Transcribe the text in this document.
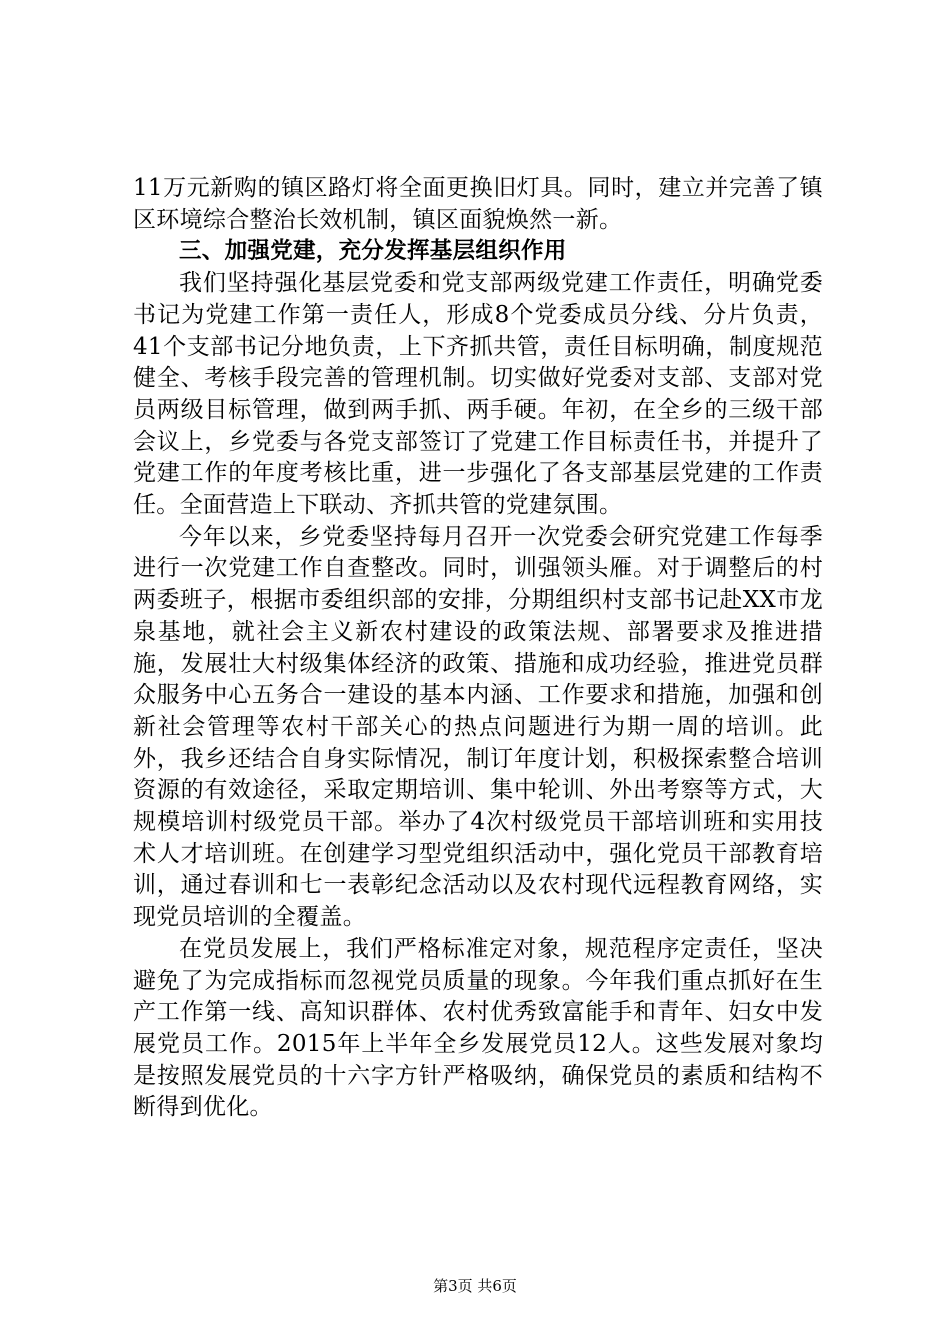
11万元新购的镇区路灯将全面更换旧灯具。同时，建立并完善了镇区环境综合整治长效机制，镇区面貌焕然一新。

三、加强党建，充分发挥基层组织作用

我们坚持强化基层党委和党支部两级党建工作责任，明确党委书记为党建工作第一责任人，形成8个党委成员分线、分片负责，41个支部书记分地负责，上下齐抓共管，责任目标明确，制度规范健全、考核手段完善的管理机制。切实做好党委对支部、支部对党员两级目标管理，做到两手抓、两手硬。年初，在全乡的三级干部会议上，乡党委与各党支部签订了党建工作目标责任书，并提升了党建工作的年度考核比重，进一步强化了各支部基层党建的工作责任。全面营造上下联动、齐抓共管的党建氛围。

今年以来，乡党委坚持每月召开一次党委会研究党建工作每季进行一次党建工作自查整改。同时，训强领头雁。对于调整后的村两委班子，根据市委组织部的安排，分期组织村支部书记赴XX市龙泉基地，就社会主义新农村建设的政策法规、部署要求及推进措施，发展壮大村级集体经济的政策、措施和成功经验，推进党员群众服务中心五务合一建设的基本内涵、工作要求和措施，加强和创新社会管理等农村干部关心的热点问题进行为期一周的培训。此外，我乡还结合自身实际情况，制订年度计划，积极探索整合培训资源的有效途径，采取定期培训、集中轮训、外出考察等方式，大规模培训村级党员干部。举办了4次村级党员干部培训班和实用技术人才培训班。在创建学习型党组织活动中，强化党员干部教育培训，通过春训和七一表彰纪念活动以及农村现代远程教育网络，实现党员培训的全覆盖。

在党员发展上，我们严格标准定对象，规范程序定责任，坚决避免了为完成指标而忽视党员质量的现象。今年我们重点抓好在生产工作第一线、高知识群体、农村优秀致富能手和青年、妇女中发展党员工作。2015年上半年全乡发展党员12人。这些发展对象均是按照发展党员的十六字方针严格吸纳，确保党员的素质和结构不断得到优化。

第3页 共6页
